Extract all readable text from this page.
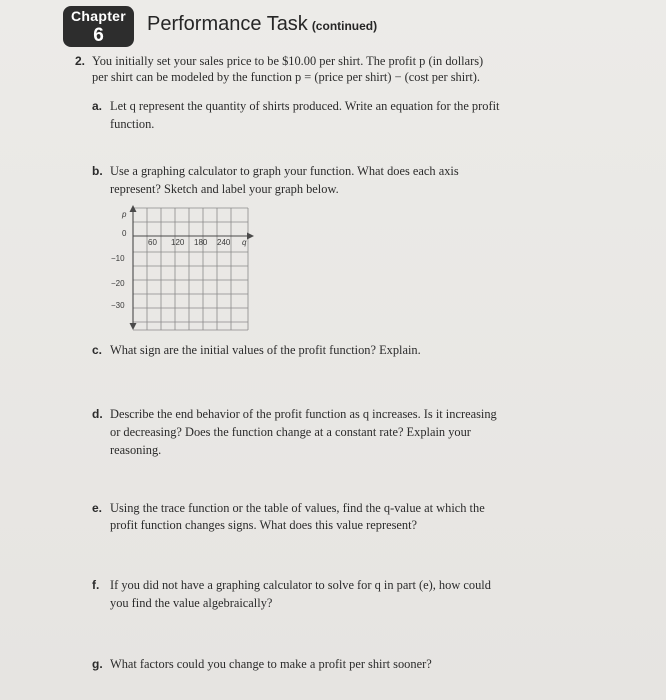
Chapter
6
Performance Task (continued)
2. You initially set your sales price to be $10.00 per shirt. The profit p (in dollars)
per shirt can be modeled by the function p = (price per shirt) − (cost per shirt).
a. Let q represent the quantity of shirts produced. Write an equation for the profit
function.
b. Use a graphing calculator to graph your function. What does each axis
represent? Sketch and label your graph below.
p
0
−10
−20
−30
60 120 180 240 q
c. What sign are the initial values of the profit function? Explain.
d. Describe the end behavior of the profit function as q increases. Is it increasing
or decreasing? Does the function change at a constant rate? Explain your
reasoning.
e. Using the trace function or the table of values, find the q-value at which the
profit function changes signs. What does this value represent?
f. If you did not have a graphing calculator to solve for q in part (e), how could
you find the value algebraically?
g. What factors could you change to make a profit per shirt sooner?
